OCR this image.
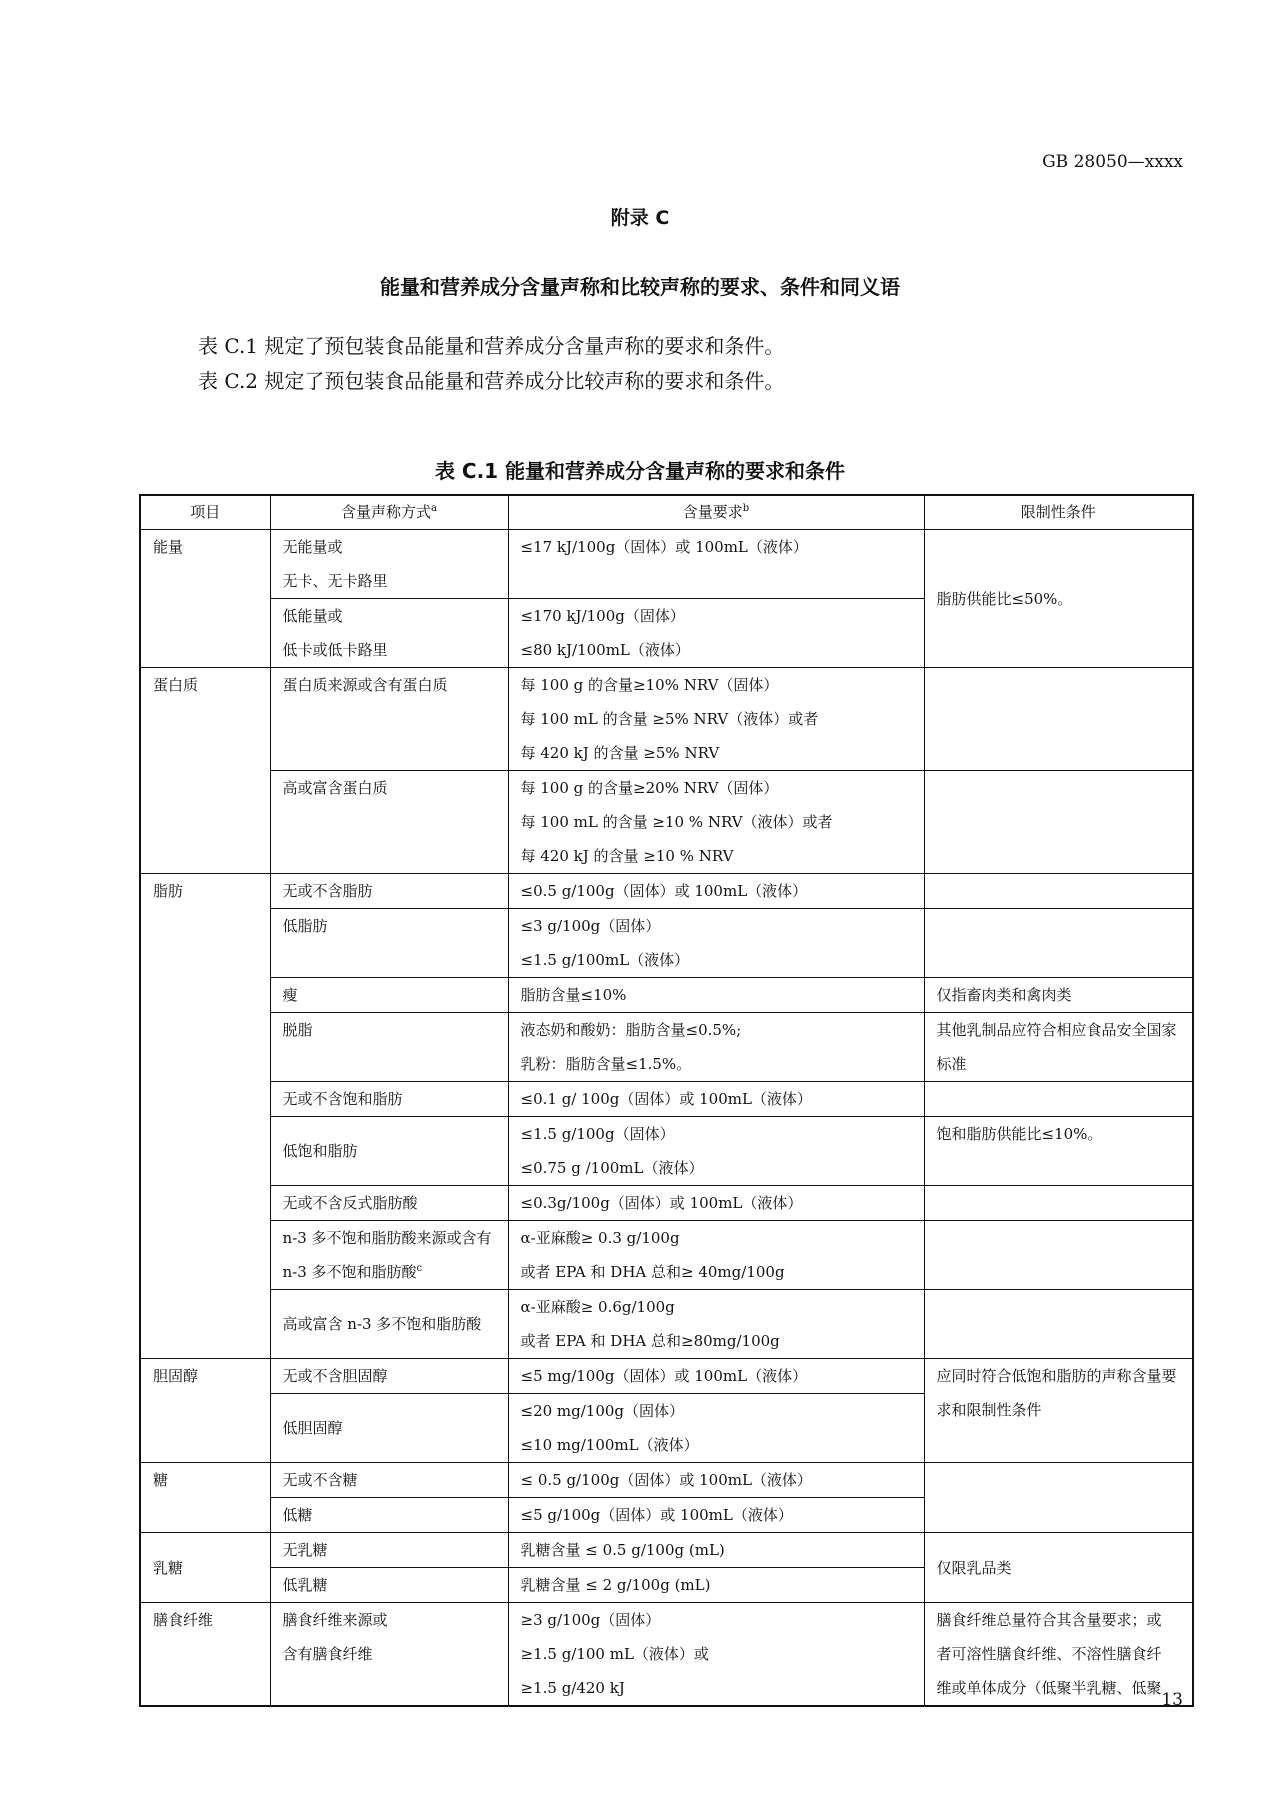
GB 28050—xxxx
附录 C
能量和营养成分含量声称和比较声称的要求、条件和同义语
表 C.1 规定了预包装食品能量和营养成分含量声称的要求和条件。
表 C.2 规定了预包装食品能量和营养成分比较声称的要求和条件。
表 C.1 能量和营养成分含量声称的要求和条件
项目	含量声称方式$^a$	含量要求$^b$	限制性条件
能量	无能量或
无卡、无卡路里	≤17 kJ/100g（固体）或 100mL（液体）	脂肪供能比≤50%。

	低能量或
低卡或低卡路里	≤170 kJ/100g（固体）
≤80 kJ/100mL（液体）	

蛋白质	蛋白质来源或含有蛋白质	每 100 g 的含量≥10% NRV（固体）
每 100 mL 的含量 ≥5% NRV（液体）或者
每 420 kJ 的含量 ≥5% NRV	

	高或富含蛋白质	每 100 g 的含量≥20% NRV（固体）
每 100 mL 的含量 ≥10 % NRV（液体）或者
每 420 kJ 的含量 ≥10 % NRV	

脂肪	无或不含脂肪	≤0.5 g/100g（固体）或 100mL（液体）	
	低脂肪	≤3 g/100g（固体）
≤1.5 g/100mL（液体）	

	瘦	脂肪含量≤10%	仅指畜肉类和禽肉类
	脱脂	液态奶和酸奶：脂肪含量≤0.5%;
乳粉：脂肪含量≤1.5%。	其他乳制品应符合相应食品安全国家标准
	无或不含饱和脂肪	≤0.1 g/ 100g（固体）或 100mL（液体）	
	低饱和脂肪	≤1.5 g/100g（固体）
≤0.75 g /100mL（液体）	饱和脂肪供能比≤10%。
	无或不含反式脂肪酸	≤0.3g/100g（固体）或 100mL（液体）	
	n-3 多不饱和脂肪酸来源或含有 n-3 多不饱和脂肪酸$^c$	α-亚麻酸≥ 0.3 g/100g
或者 EPA 和 DHA 总和≥ 40mg/100g	

	高或富含 n-3 多不饱和脂肪酸	α-亚麻酸≥ 0.6g/100g
或者 EPA 和 DHA 总和≥80mg/100g	

胆固醇	无或不含胆固醇	≤5 mg/100g（固体）或 100mL（液体）	应同时符合低饱和脂肪的声称含量要求和限制性条件
	低胆固醇	≤20 mg/100g（固体）
≤10 mg/100mL（液体）	

糖	无或不含糖	≤ 0.5 g/100g（固体）或 100mL（液体）	
	低糖	≤5 g/100g（固体）或 100mL（液体）	
乳糖	无乳糖	乳糖含量 ≤ 0.5 g/100g (mL)	仅限乳品类
	低乳糖	乳糖含量 ≤ 2 g/100g (mL)	
膳食纤维	膳食纤维来源或
含有膳食纤维	≥3 g/100g（固体）
≥1.5 g/100 mL（液体）或
≥1.5 g/420 kJ	膳食纤维总量符合其含量要求；或
者可溶性膳食纤维、不溶性膳食纤
维或单体成分（低聚半乳糖、低聚
13
